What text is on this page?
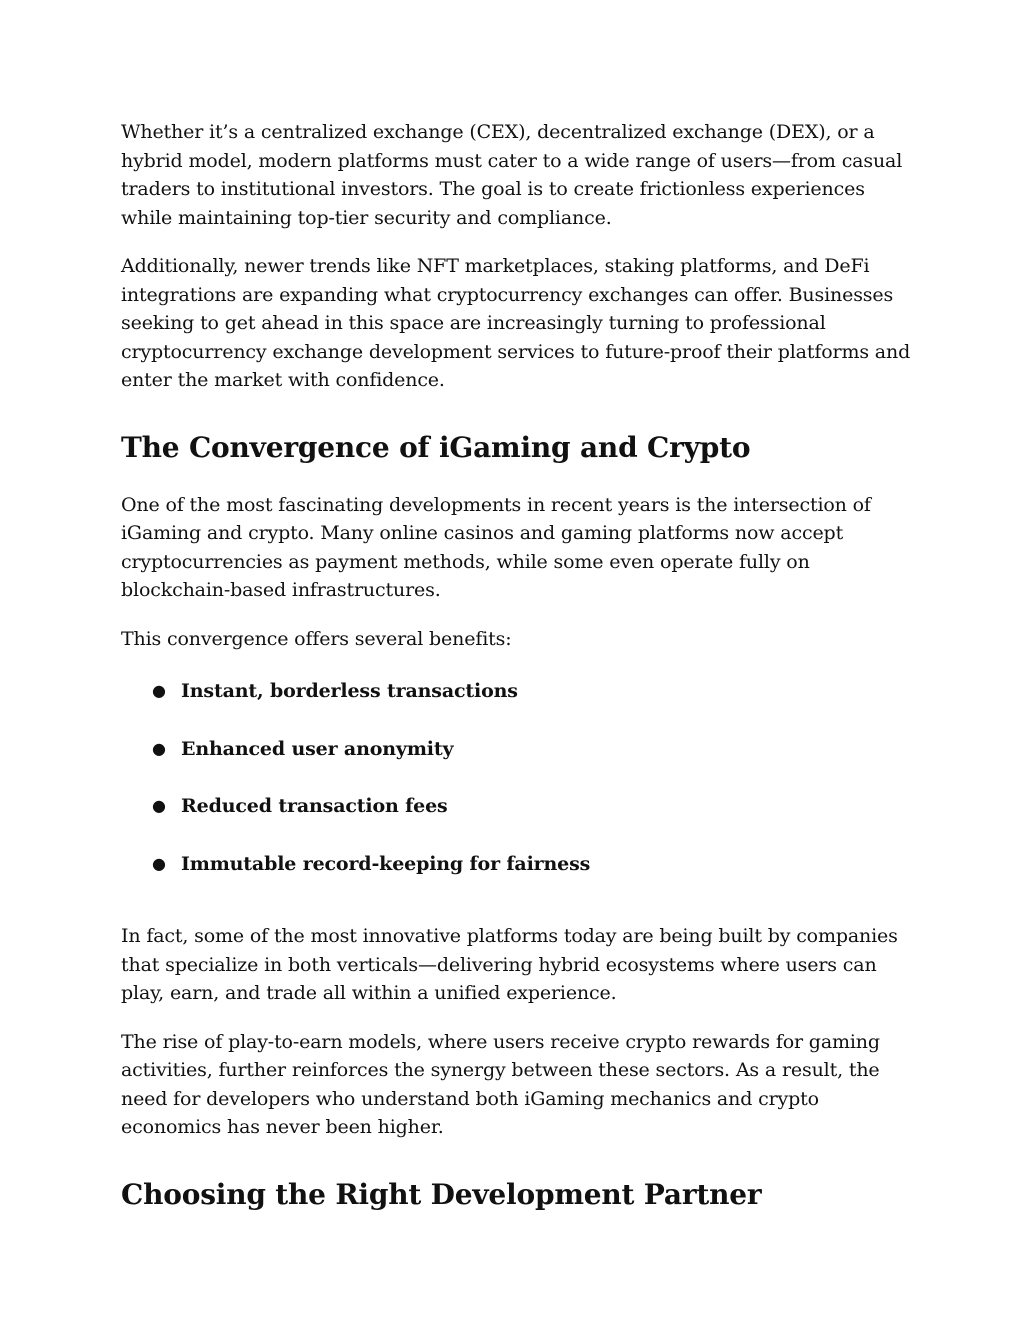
Whether it’s a centralized exchange (CEX), decentralized exchange (DEX), or a hybrid model, modern platforms must cater to a wide range of users—from casual traders to institutional investors. The goal is to create frictionless experiences while maintaining top-tier security and compliance.

Additionally, newer trends like NFT marketplaces, staking platforms, and DeFi integrations are expanding what cryptocurrency exchanges can offer. Businesses seeking to get ahead in this space are increasingly turning to professional cryptocurrency exchange development services to future-proof their platforms and enter the market with confidence.

The Convergence of iGaming and Crypto

One of the most fascinating developments in recent years is the intersection of iGaming and crypto. Many online casinos and gaming platforms now accept cryptocurrencies as payment methods, while some even operate fully on blockchain-based infrastructures.

This convergence offers several benefits:

● Instant, borderless transactions
● Enhanced user anonymity
● Reduced transaction fees
● Immutable record-keeping for fairness

In fact, some of the most innovative platforms today are being built by companies that specialize in both verticals—delivering hybrid ecosystems where users can play, earn, and trade all within a unified experience.

The rise of play-to-earn models, where users receive crypto rewards for gaming activities, further reinforces the synergy between these sectors. As a result, the need for developers who understand both iGaming mechanics and crypto economics has never been higher.

Choosing the Right Development Partner
